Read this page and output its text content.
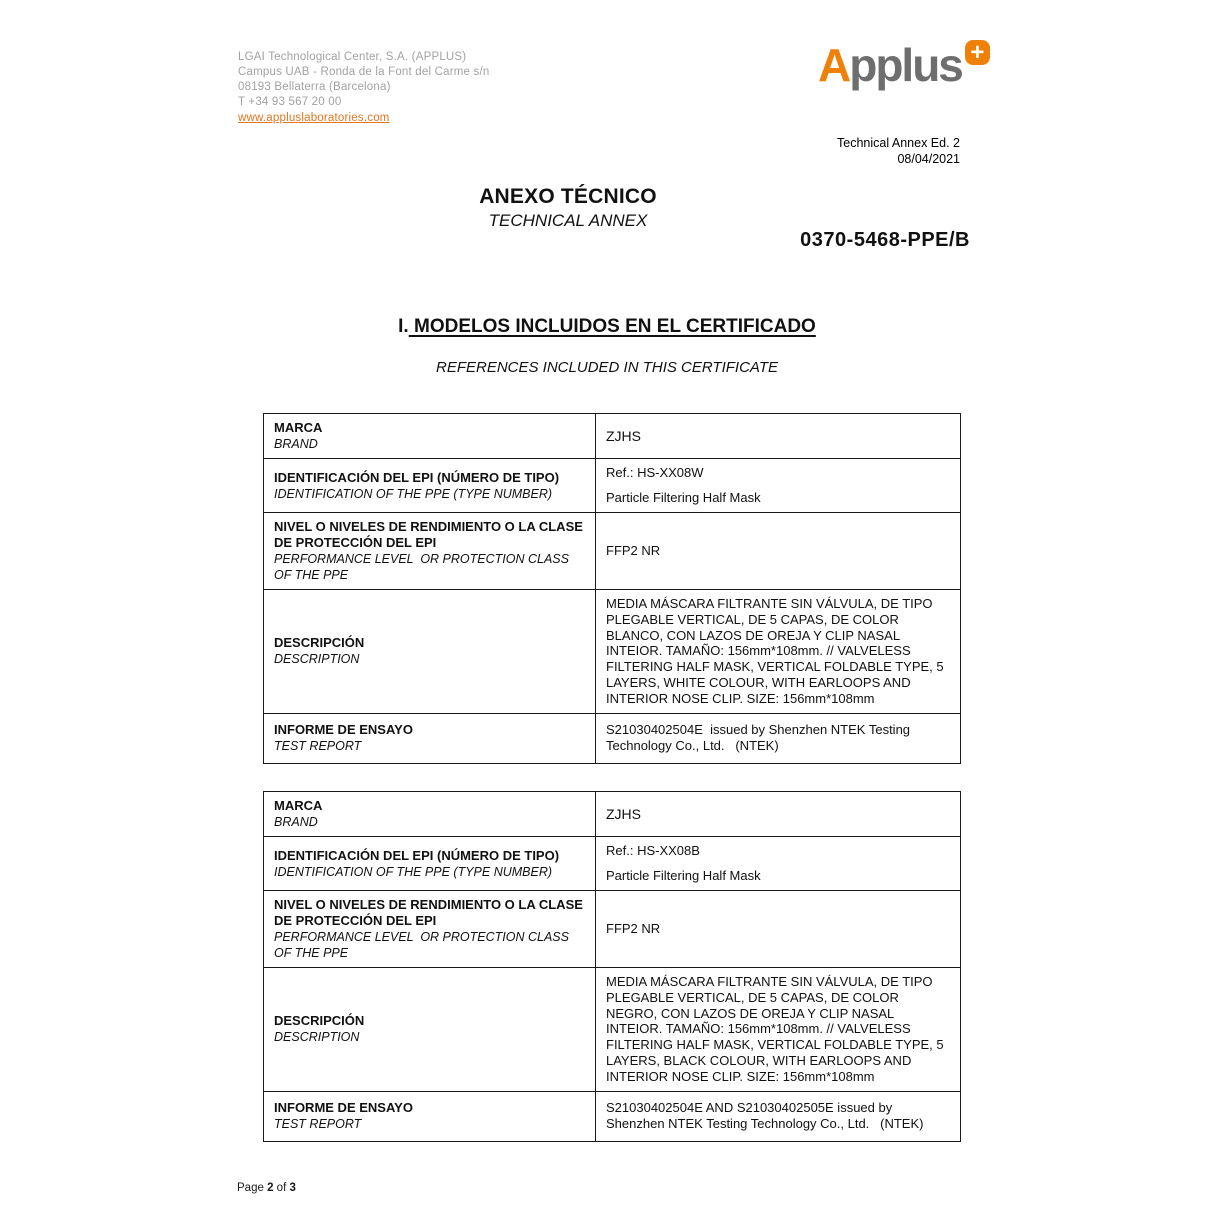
LGAI Technological Center, S.A. (APPLUS)
Campus UAB - Ronda de la Font del Carme s/n
08193 Bellaterra (Barcelona)
T +34 93 567 20 00
www.appluslaboratories.com
Applus +
Technical Annex Ed. 2
08/04/2021
ANEXO TÉCNICO
TECHNICAL ANNEX
0370-5468-PPE/B
I. MODELOS INCLUIDOS EN EL CERTIFICADO
REFERENCES INCLUDED IN THIS CERTIFICATE
MARCA
BRAND
ZJHS
IDENTIFICACIÓN DEL EPI (NÚMERO DE TIPO)
IDENTIFICATION OF THE PPE (TYPE NUMBER)
Ref.: HS-XX08W
Particle Filtering Half Mask
NIVEL O NIVELES DE RENDIMIENTO O LA CLASE DE PROTECCIÓN DEL EPI
PERFORMANCE LEVEL  OR PROTECTION CLASS OF THE PPE
FFP2 NR
DESCRIPCIÓN
DESCRIPTION
MEDIA MÁSCARA FILTRANTE SIN VÁLVULA, DE TIPO PLEGABLE VERTICAL, DE 5 CAPAS, DE COLOR BLANCO, CON LAZOS DE OREJA Y CLIP NASAL INTEIOR. TAMAÑO: 156mm*108mm. // VALVELESS FILTERING HALF MASK, VERTICAL FOLDABLE TYPE, 5 LAYERS, WHITE COLOUR, WITH EARLOOPS AND INTERIOR NOSE CLIP. SIZE: 156mm*108mm
INFORME DE ENSAYO
TEST REPORT
S21030402504E  issued by Shenzhen NTEK Testing Technology Co., Ltd.   (NTEK)
MARCA
BRAND
ZJHS
IDENTIFICACIÓN DEL EPI (NÚMERO DE TIPO)
IDENTIFICATION OF THE PPE (TYPE NUMBER)
Ref.: HS-XX08B
Particle Filtering Half Mask
NIVEL O NIVELES DE RENDIMIENTO O LA CLASE DE PROTECCIÓN DEL EPI
PERFORMANCE LEVEL  OR PROTECTION CLASS OF THE PPE
FFP2 NR
DESCRIPCIÓN
DESCRIPTION
MEDIA MÁSCARA FILTRANTE SIN VÁLVULA, DE TIPO PLEGABLE VERTICAL, DE 5 CAPAS, DE COLOR NEGRO, CON LAZOS DE OREJA Y CLIP NASAL INTEIOR. TAMAÑO: 156mm*108mm. // VALVELESS FILTERING HALF MASK, VERTICAL FOLDABLE TYPE, 5 LAYERS, BLACK COLOUR, WITH EARLOOPS AND INTERIOR NOSE CLIP. SIZE: 156mm*108mm
INFORME DE ENSAYO
TEST REPORT
S21030402504E AND S21030402505E issued by Shenzhen NTEK Testing Technology Co., Ltd.   (NTEK)
Page 2 of 3
